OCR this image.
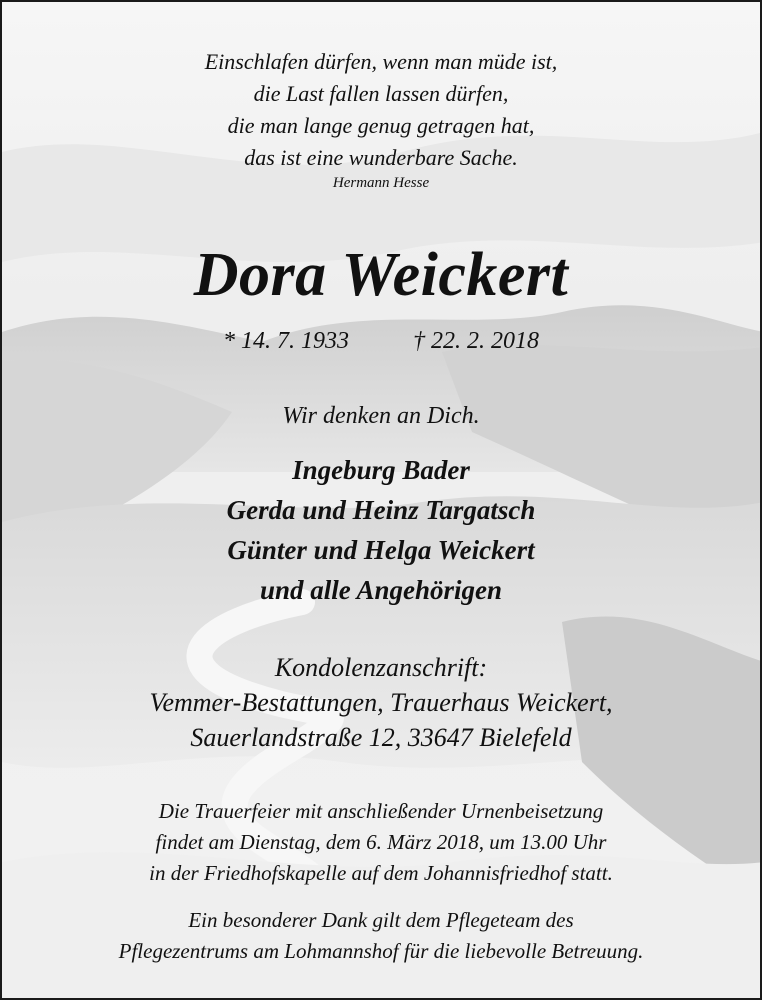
Einschlafen dürfen, wenn man müde ist,
die Last fallen lassen dürfen,
die man lange genug getragen hat,
das ist eine wunderbare Sache.
Hermann Hesse
Dora Weickert
* 14. 7. 1933	† 22. 2. 2018
Wir denken an Dich.
Ingeburg Bader
Gerda und Heinz Targatsch
Günter und Helga Weickert
und alle Angehörigen
Kondolenzanschrift:
Vemmer-Bestattungen, Trauerhaus Weickert,
Sauerlandstraße 12, 33647 Bielefeld
Die Trauerfeier mit anschließender Urnenbeisetzung
findet am Dienstag, dem 6. März 2018, um 13.00 Uhr
in der Friedhofskapelle auf dem Johannisfriedhof statt.
Ein besonderer Dank gilt dem Pflegeteam des
Pflegezentrums am Lohmannshof für die liebevolle Betreuung.
